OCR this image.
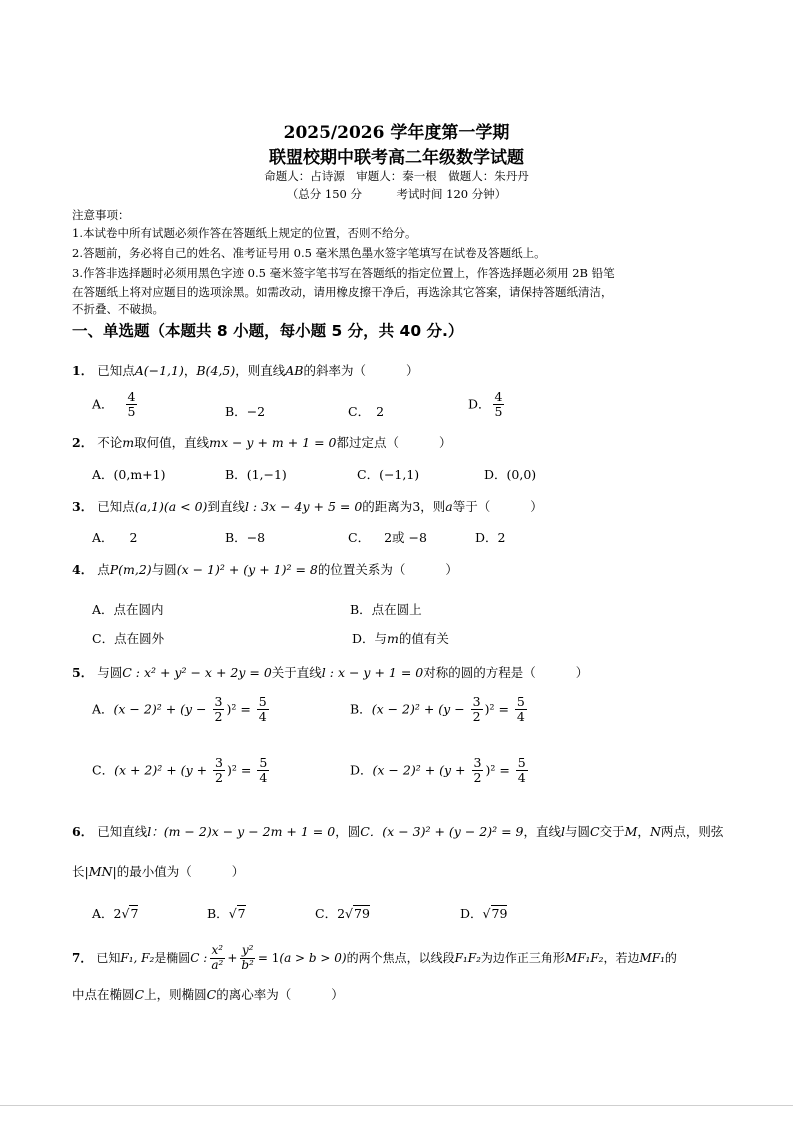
2025/2026 学年度第一学期
联盟校期中联考高二年级数学试题
命题人：占诗源　审题人：秦一根　做题人：朱丹丹
（总分 150 分　　　考试时间 120 分钟）
注意事项：
1.本试卷中所有试题必须作答在答题纸上规定的位置，否则不给分。
2.答题前，务必将自己的姓名、准考证号用 0.5 毫米黑色墨水签字笔填写在试卷及答题纸上。
3.作答非选择题时必须用黑色字迹 0.5 毫米签字笔书写在答题纸的指定位置上，作答选择题必须用 2B 铅笔
在答题纸上将对应题目的选项涂黑。如需改动，请用橡皮擦干净后，再选涂其它答案，请保持答题纸清洁，
不折叠、不破损。
一、单选题（本题共 8 小题，每小题 5 分，共 40 分.）
1． 已知点A(−1,1)，B(4,5)，则直线AB的斜率为（	）
A． $\frac{4}{5}$	B．−2	C． 2
D． $\frac{4}{5}$
2． 不论m取何值，直线mx − y + m + 1 = 0都过定点（	）
A．(0,m+1)	B．(1,−1)	C．(−1,1)	D．(0,0)
3． 已知点(a,1)(a < 0)到直线l : 3x − 4y + 5 = 0的距离为3，则a等于（	）
A． 2	B．−8	C． 2或 −8	D．2
4． 点P(m,2)与圆(x − 1)² + (y + 1)² = 8的位置关系为（	）
A．点在圆内	B．点在圆上
C．点在圆外	D．与m的值有关
5． 与圆C : x² + y² − x + 2y = 0关于直线l : x − y + 1 = 0对称的圆的方程是（	）
A．$(x - 2)^2 + (y - \frac{3}{2} )^2 = \frac{5}{4}$	B．$(x - 2)^2 + (y - \frac{3}{2} )^2 = \frac{5}{4}$
C．$(x + 2)^2 + (y + \frac{3}{2} )^2 = \frac{5}{4}$	D．$(x - 2)^2 + (y + \frac{3}{2} )^2 = \frac{5}{4}$
6． 已知直线l：(m − 2)x − y − 2m + 1 = 0，圆C．(x − 3)² + (y − 2)² = 9，直线l与圆C交于M，N两点，则弦
长|MN|的最小值为（	）
A．2√7	B．√7	C．2√79	D．√79
7． 已知F₁, F₂是椭圆C : $\frac{\text{x²}}{\text{a²}} + \frac{\text{y²}}{\text{b²}} = 1(a > b > 0)$的两个焦点，以线段F₁F₂为边作正三角形MF₁F₂，若边MF₁的
中点在椭圆C上，则椭圆C的离心率为（	）
